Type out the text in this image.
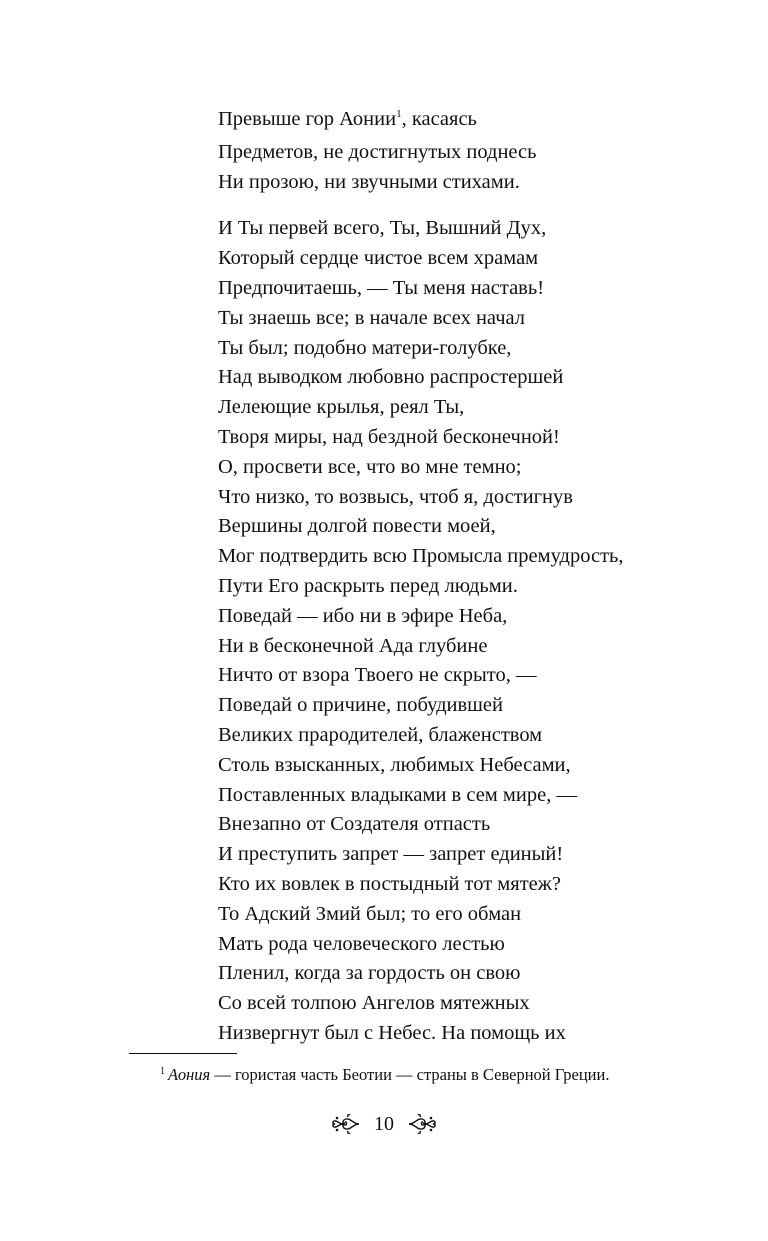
Превыше гор Аонии$^1$, касаясь
Предметов, не достигнутых поднесь
Ни прозою, ни звучными стихами.
И Ты первей всего, Ты, Вышний Дух,
Который сердце чистое всем храмам
Предпочитаешь, — Ты меня наставь!
Ты знаешь все; в начале всех начал
Ты был; подобно матери-голубке,
Над выводком любовно распростершей
Лелеющие крылья, реял Ты,
Творя миры, над бездной бесконечной!
О, просвети все, что во мне темно;
Что низко, то возвысь, чтоб я, достигнув
Вершины долгой повести моей,
Мог подтвердить всю Промысла премудрость,
Пути Его раскрыть перед людьми.
Поведай — ибо ни в эфире Неба,
Ни в бесконечной Ада глубине
Ничто от взора Твоего не скрыто, —
Поведай о причине, побудившей
Великих прародителей, блаженством
Столь взысканных, любимых Небесами,
Поставленных владыками в сем мире, —
Внезапно от Создателя отпасть
И преступить запрет — запрет единый!
Кто их вовлек в постыдный тот мятеж?
То Адский Змий был; то его обман
Мать рода человеческого лестью
Пленил, когда за гордость он свою
Со всей толпою Ангелов мятежных
Низвергнут был с Небес. На помощь их
$^1$ Аония — гористая часть Беотии — страны в Северной Греции.
10
